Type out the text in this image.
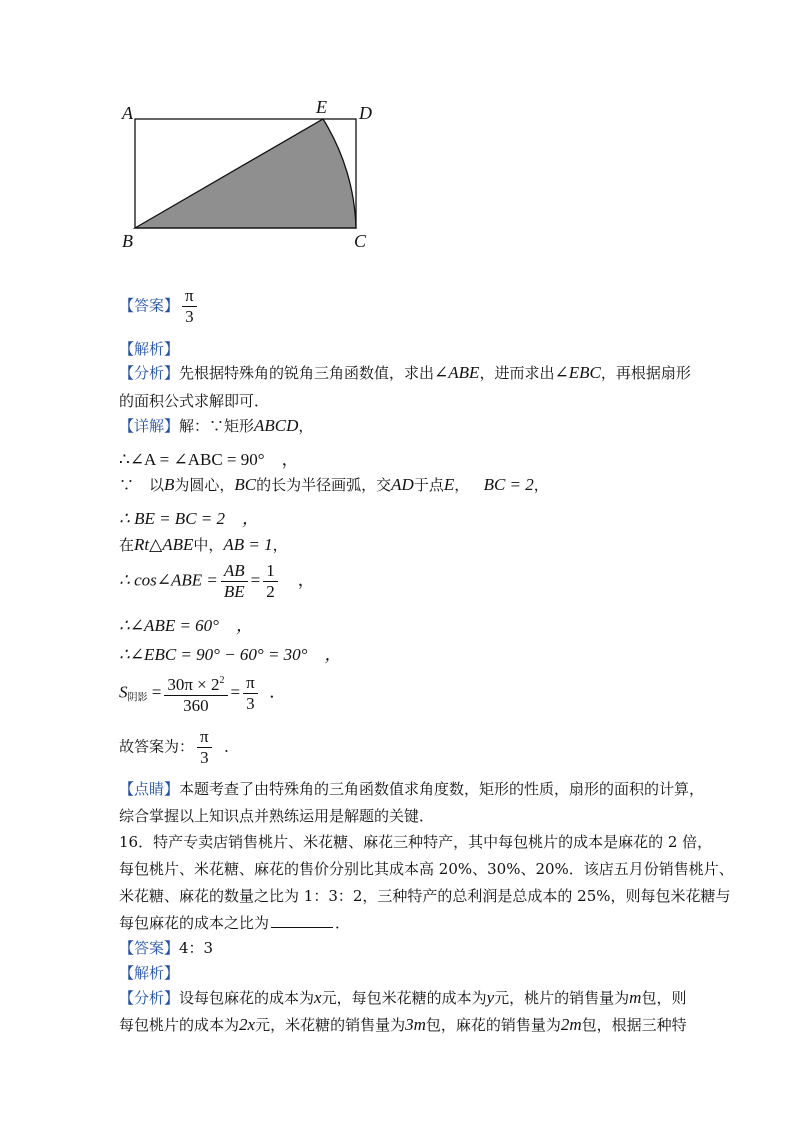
A	E D
B	C
【答案】 $\frac{\pi}{3}$
【解析】
【分析】先根据特殊角的锐角三角函数值，求出∠ABE，进而求出∠EBC，再根据扇形
的面积公式求解即可．
【详解】解：∵矩形ABCD，
∴∠A = ∠ABC = 90°　，
∵　以B为圆心，BC的长为半径画弧，交AD于点E， BC = 2，
∴ BE = BC = 2　，
在Rt△ABE中，AB = 1，
∴ cos∠ABE = $\frac{AB}{BE} = \frac{1}{2}$ 　，
∴∠ABE = 60°　，
∴∠EBC = 90° − 60° = 30°　，
$S_{阴影} = \frac{30\pi \times 2^2}{360} = \frac{\pi}{3}$ ．
故答案为： $\frac{\pi}{3}$ ．
【点睛】本题考查了由特殊角的三角函数值求角度数，矩形的性质，扇形的面积的计算，
综合掌握以上知识点并熟练运用是解题的关键．
16．特产专卖店销售桃片、米花糖、麻花三种特产，其中每包桃片的成本是麻花的 2 倍，
每包桃片、米花糖、麻花的售价分别比其成本高 20%、30%、20%．该店五月份销售桃片、
米花糖、麻花的数量之比为 1：3：2，三种特产的总利润是总成本的 25%，则每包米花糖与
每包麻花的成本之比为	．
【答案】4：3
【解析】
【分析】设每包麻花的成本为x元，每包米花糖的成本为y元，桃片的销售量为m包，则
每包桃片的成本为2x元，米花糖的销售量为3m包，麻花的销售量为2m包，根据三种特
